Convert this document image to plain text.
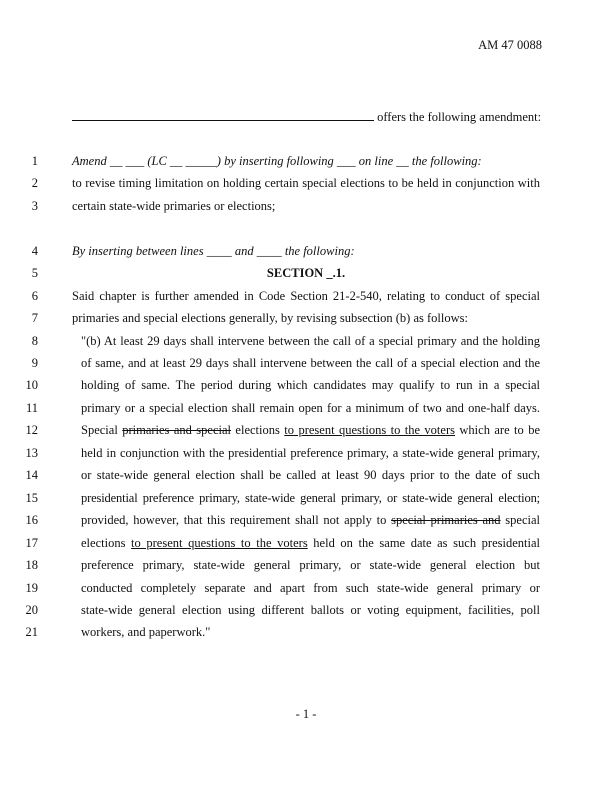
AM 47 0088
offers the following amendment:
1	Amend __ ___ (LC __ _____) by inserting following ___ on line __ the following:
2	to revise timing limitation on holding certain special elections to be held in conjunction with
3	certain state-wide primaries or elections;
4	By inserting between lines ____ and ____ the following:
5	SECTION _.1.
6	Said chapter is further amended in Code Section 21-2-540, relating to conduct of special
7	primaries and special elections generally, by revising subsection (b) as follows:
8	"(b) At least 29 days shall intervene between the call of a special primary and the holding
9	of same, and at least 29 days shall intervene between the call of a special election and the
10	holding of same. The period during which candidates may qualify to run in a special
11	primary or a special election shall remain open for a minimum of two and one-half days.
12	Special primaries and special elections to present questions to the voters which are to be
13	held in conjunction with the presidential preference primary, a state-wide general primary,
14	or state-wide general election shall be called at least 90 days prior to the date of such
15	presidential preference primary, state-wide general primary, or state-wide general election;
16	provided, however, that this requirement shall not apply to special primaries and special
17	elections to present questions to the voters held on the same date as such presidential
18	preference primary, state-wide general primary, or state-wide general election but
19	conducted completely separate and apart from such state-wide general primary or
20	state-wide general election using different ballots or voting equipment, facilities, poll
21	workers, and paperwork."
- 1 -
